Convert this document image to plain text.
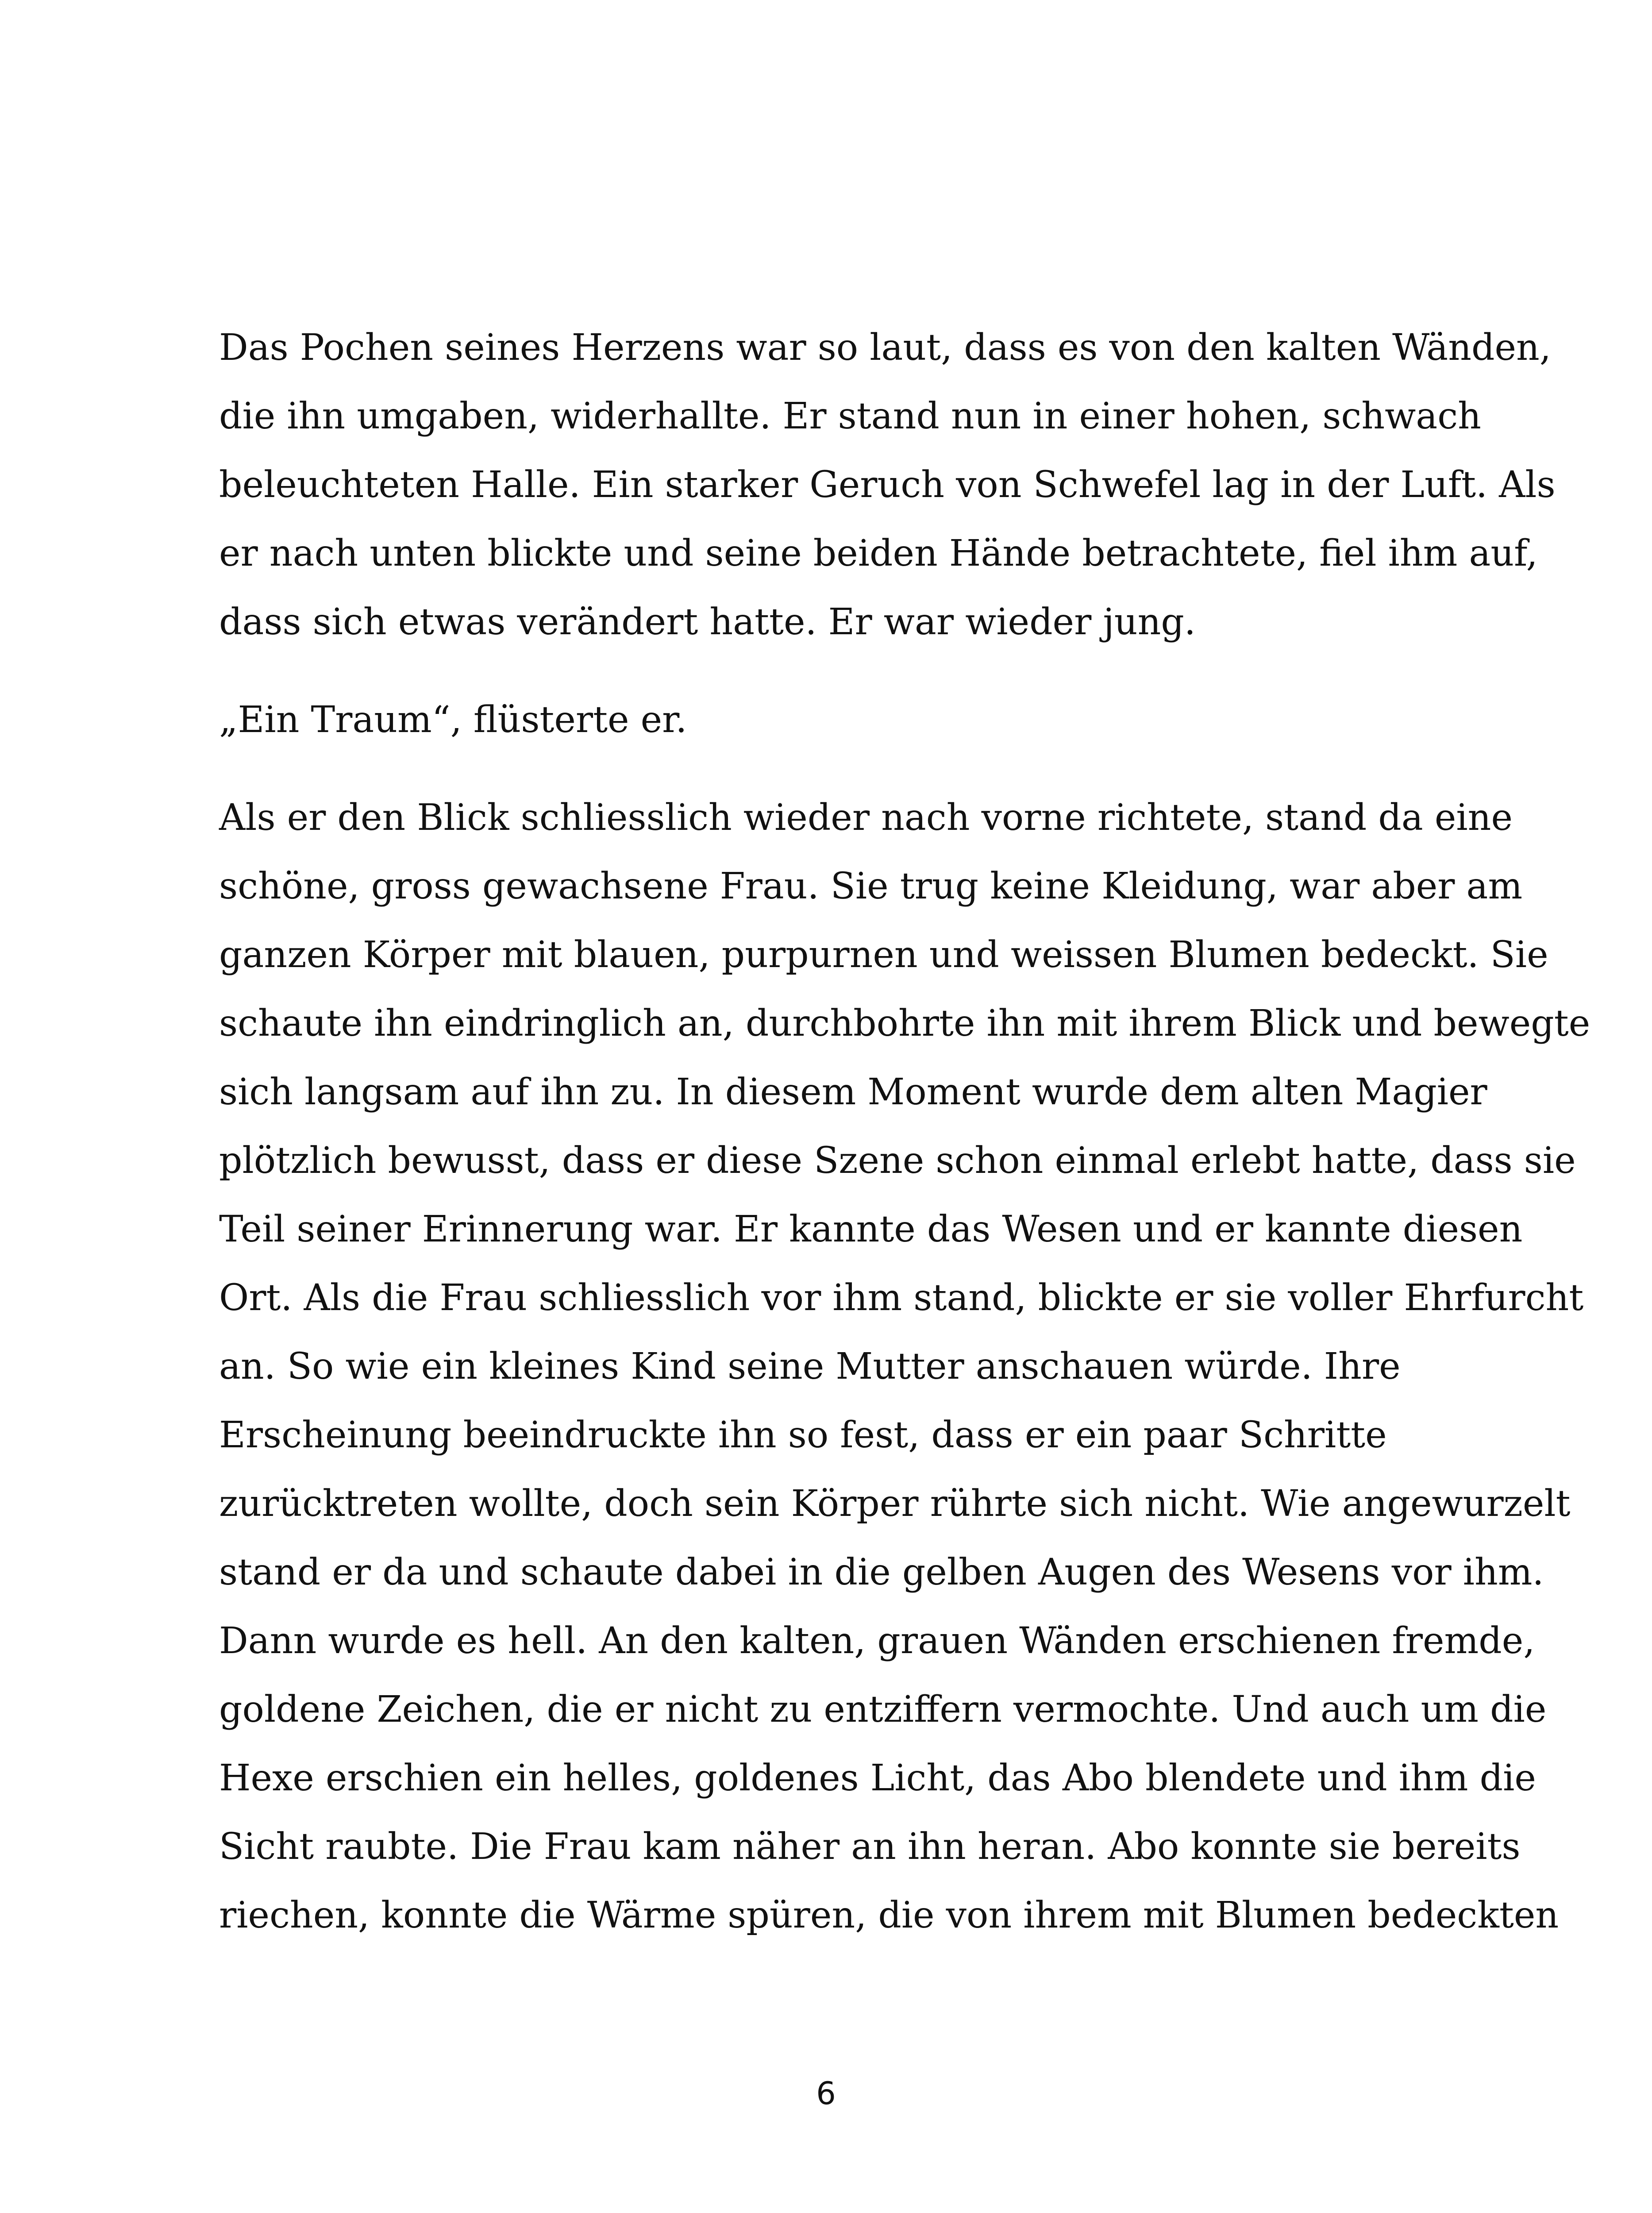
Das Pochen seines Herzens war so laut, dass es von den kalten Wänden,
die ihn umgaben, widerhallte. Er stand nun in einer hohen, schwach
beleuchteten Halle. Ein starker Geruch von Schwefel lag in der Luft. Als
er nach unten blickte und seine beiden Hände betrachtete, fiel ihm auf,
dass sich etwas verändert hatte. Er war wieder jung.
„Ein Traum“, flüsterte er.
Als er den Blick schliesslich wieder nach vorne richtete, stand da eine
schöne, gross gewachsene Frau. Sie trug keine Kleidung, war aber am
ganzen Körper mit blauen, purpurnen und weissen Blumen bedeckt. Sie
schaute ihn eindringlich an, durchbohrte ihn mit ihrem Blick und bewegte
sich langsam auf ihn zu. In diesem Moment wurde dem alten Magier
plötzlich bewusst, dass er diese Szene schon einmal erlebt hatte, dass sie
Teil seiner Erinnerung war. Er kannte das Wesen und er kannte diesen
Ort. Als die Frau schliesslich vor ihm stand, blickte er sie voller Ehrfurcht
an. So wie ein kleines Kind seine Mutter anschauen würde. Ihre
Erscheinung beeindruckte ihn so fest, dass er ein paar Schritte
zurücktreten wollte, doch sein Körper rührte sich nicht. Wie angewurzelt
stand er da und schaute dabei in die gelben Augen des Wesens vor ihm.
Dann wurde es hell. An den kalten, grauen Wänden erschienen fremde,
goldene Zeichen, die er nicht zu entziffern vermochte. Und auch um die
Hexe erschien ein helles, goldenes Licht, das Abo blendete und ihm die
Sicht raubte. Die Frau kam näher an ihn heran. Abo konnte sie bereits
riechen, konnte die Wärme spüren, die von ihrem mit Blumen bedeckten
6
